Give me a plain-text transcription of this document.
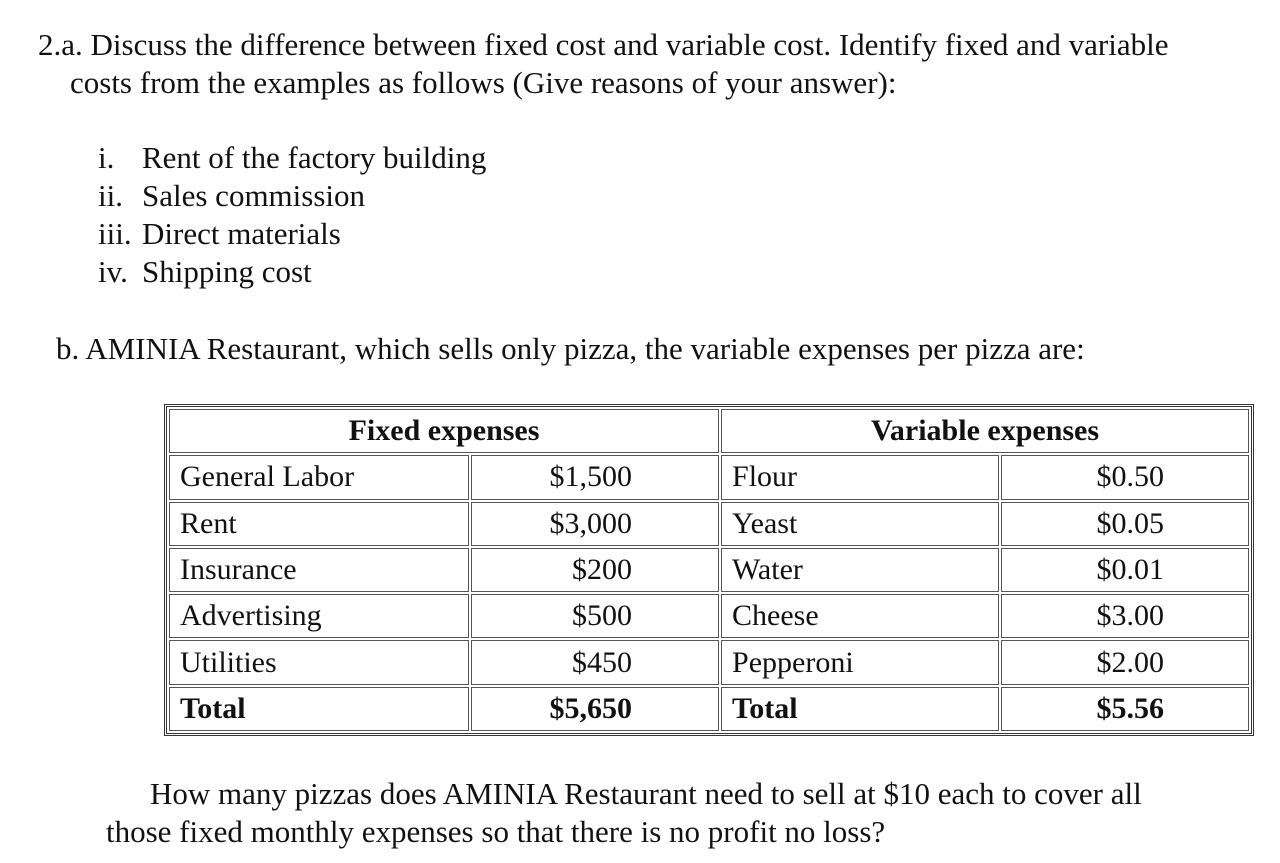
2.a. Discuss the difference between fixed cost and variable cost. Identify fixed and variable
costs from the examples as follows (Give reasons of your answer):
i. Rent of the factory building
ii. Sales commission
iii. Direct materials
iv. Shipping cost
b. AMINIA Restaurant, which sells only pizza, the variable expenses per pizza are:
Fixed expenses		Variable expenses	
General Labor	$1,500	Flour	$0.50
Rent	$3,000	Yeast	$0.05
Insurance	$200	Water	$0.01
Advertising	$500	Cheese	$3.00
Utilities	$450	Pepperoni	$2.00
Total	$5,650	Total	$5.56
How many pizzas does AMINIA Restaurant need to sell at $10 each to cover all
those fixed monthly expenses so that there is no profit no loss?
